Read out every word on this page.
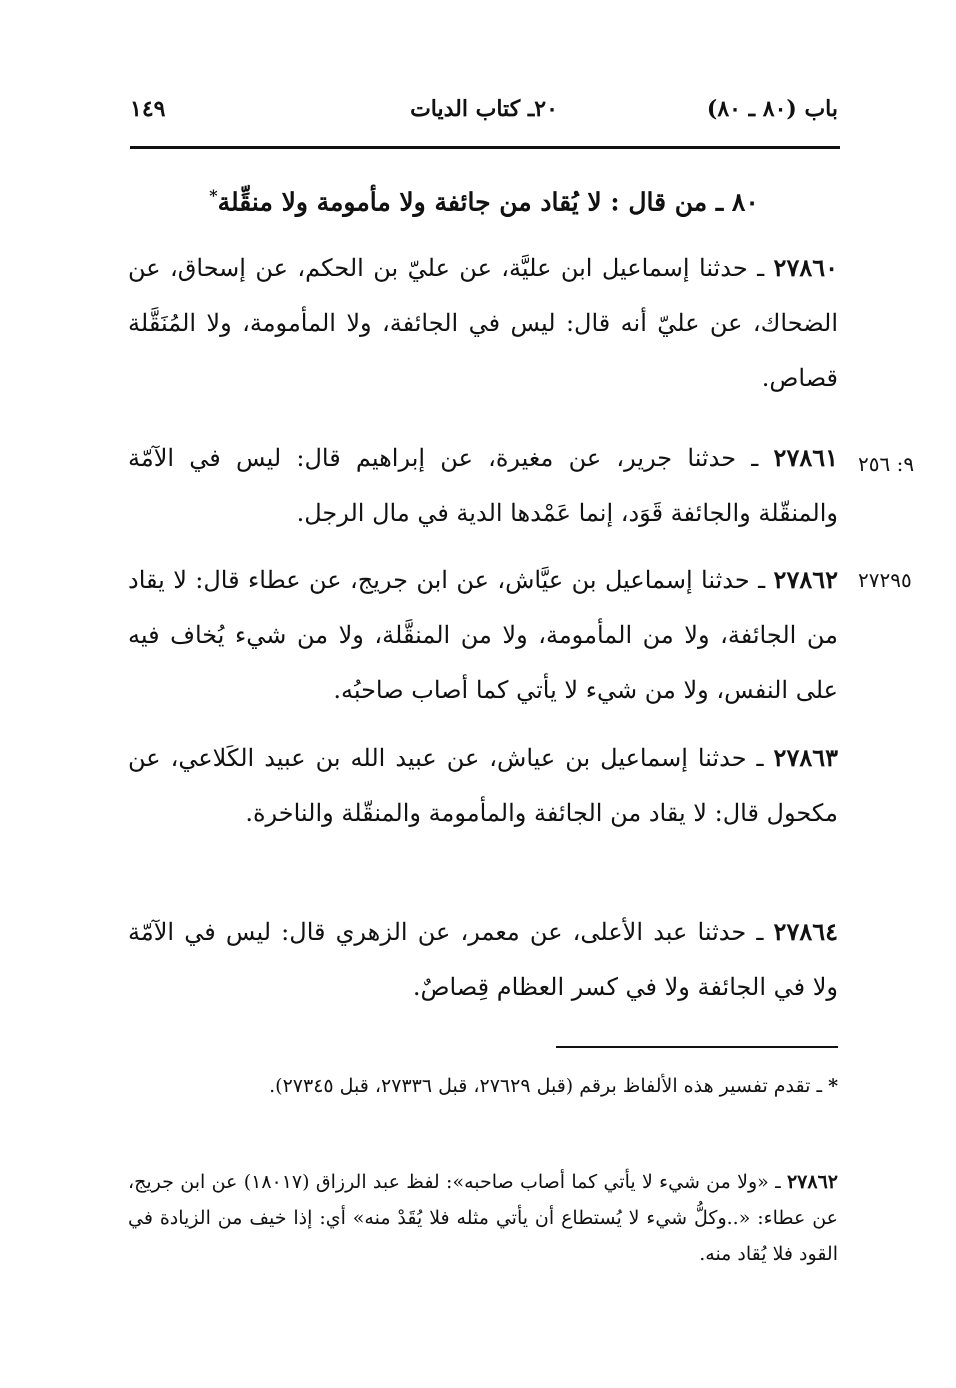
باب (٨٠ ـ ٨٠)
٢٠ـ كتاب الديات
١٤٩
٨٠ ـ من قال : لا يُقاد من جائفة ولا مأمومة ولا منقِّلة*

٢٧٨٦٠ ـ حدثنا إسماعيل ابن عليَّة، عن عليّ بن الحكم، عن إسحاق، عن الضحاك، عن عليّ أنه قال: ليس في الجائفة، ولا المأمومة، ولا المُنَقَّلة قصاص.

٩: ٢٥٦

٢٧٨٦١ ـ حدثنا جرير، عن مغيرة، عن إبراهيم قال: ليس في الآمّة والمنقّلة والجائفة قَوَد، إنما عَمْدها الدية في مال الرجل.

٢٧٢٩٥

٢٧٨٦٢ ـ حدثنا إسماعيل بن عيَّاش، عن ابن جريج، عن عطاء قال: لا يقاد من الجائفة، ولا من المأمومة، ولا من المنقَّلة، ولا من شيء يُخاف فيه على النفس، ولا من شيء لا يأتي كما أصاب صاحبُه.

٢٧٨٦٣ ـ حدثنا إسماعيل بن عياش، عن عبيد الله بن عبيد الكَلاعي، عن مكحول قال: لا يقاد من الجائفة والمأمومة والمنقّلة والناخرة.

٢٧٨٦٤ ـ حدثنا عبد الأعلى، عن معمر، عن الزهري قال: ليس في الآمّة ولا في الجائفة ولا في كسر العظام قِصاصٌ.

* ـ تقدم تفسير هذه الألفاظ برقم (قبل ٢٧٦٢٩، قبل ٢٧٣٣٦، قبل ٢٧٣٤٥).

٢٧٨٦٢ ـ «ولا من شيء لا يأتي كما أصاب صاحبه»: لفظ عبد الرزاق (١٨٠١٧) عن ابن جريج، عن عطاء: «..وكلُّ شيء لا يُستطاع أن يأتي مثله فلا يُقَدْ منه» أي: إذا خيف من الزيادة في القود فلا يُقاد منه.
